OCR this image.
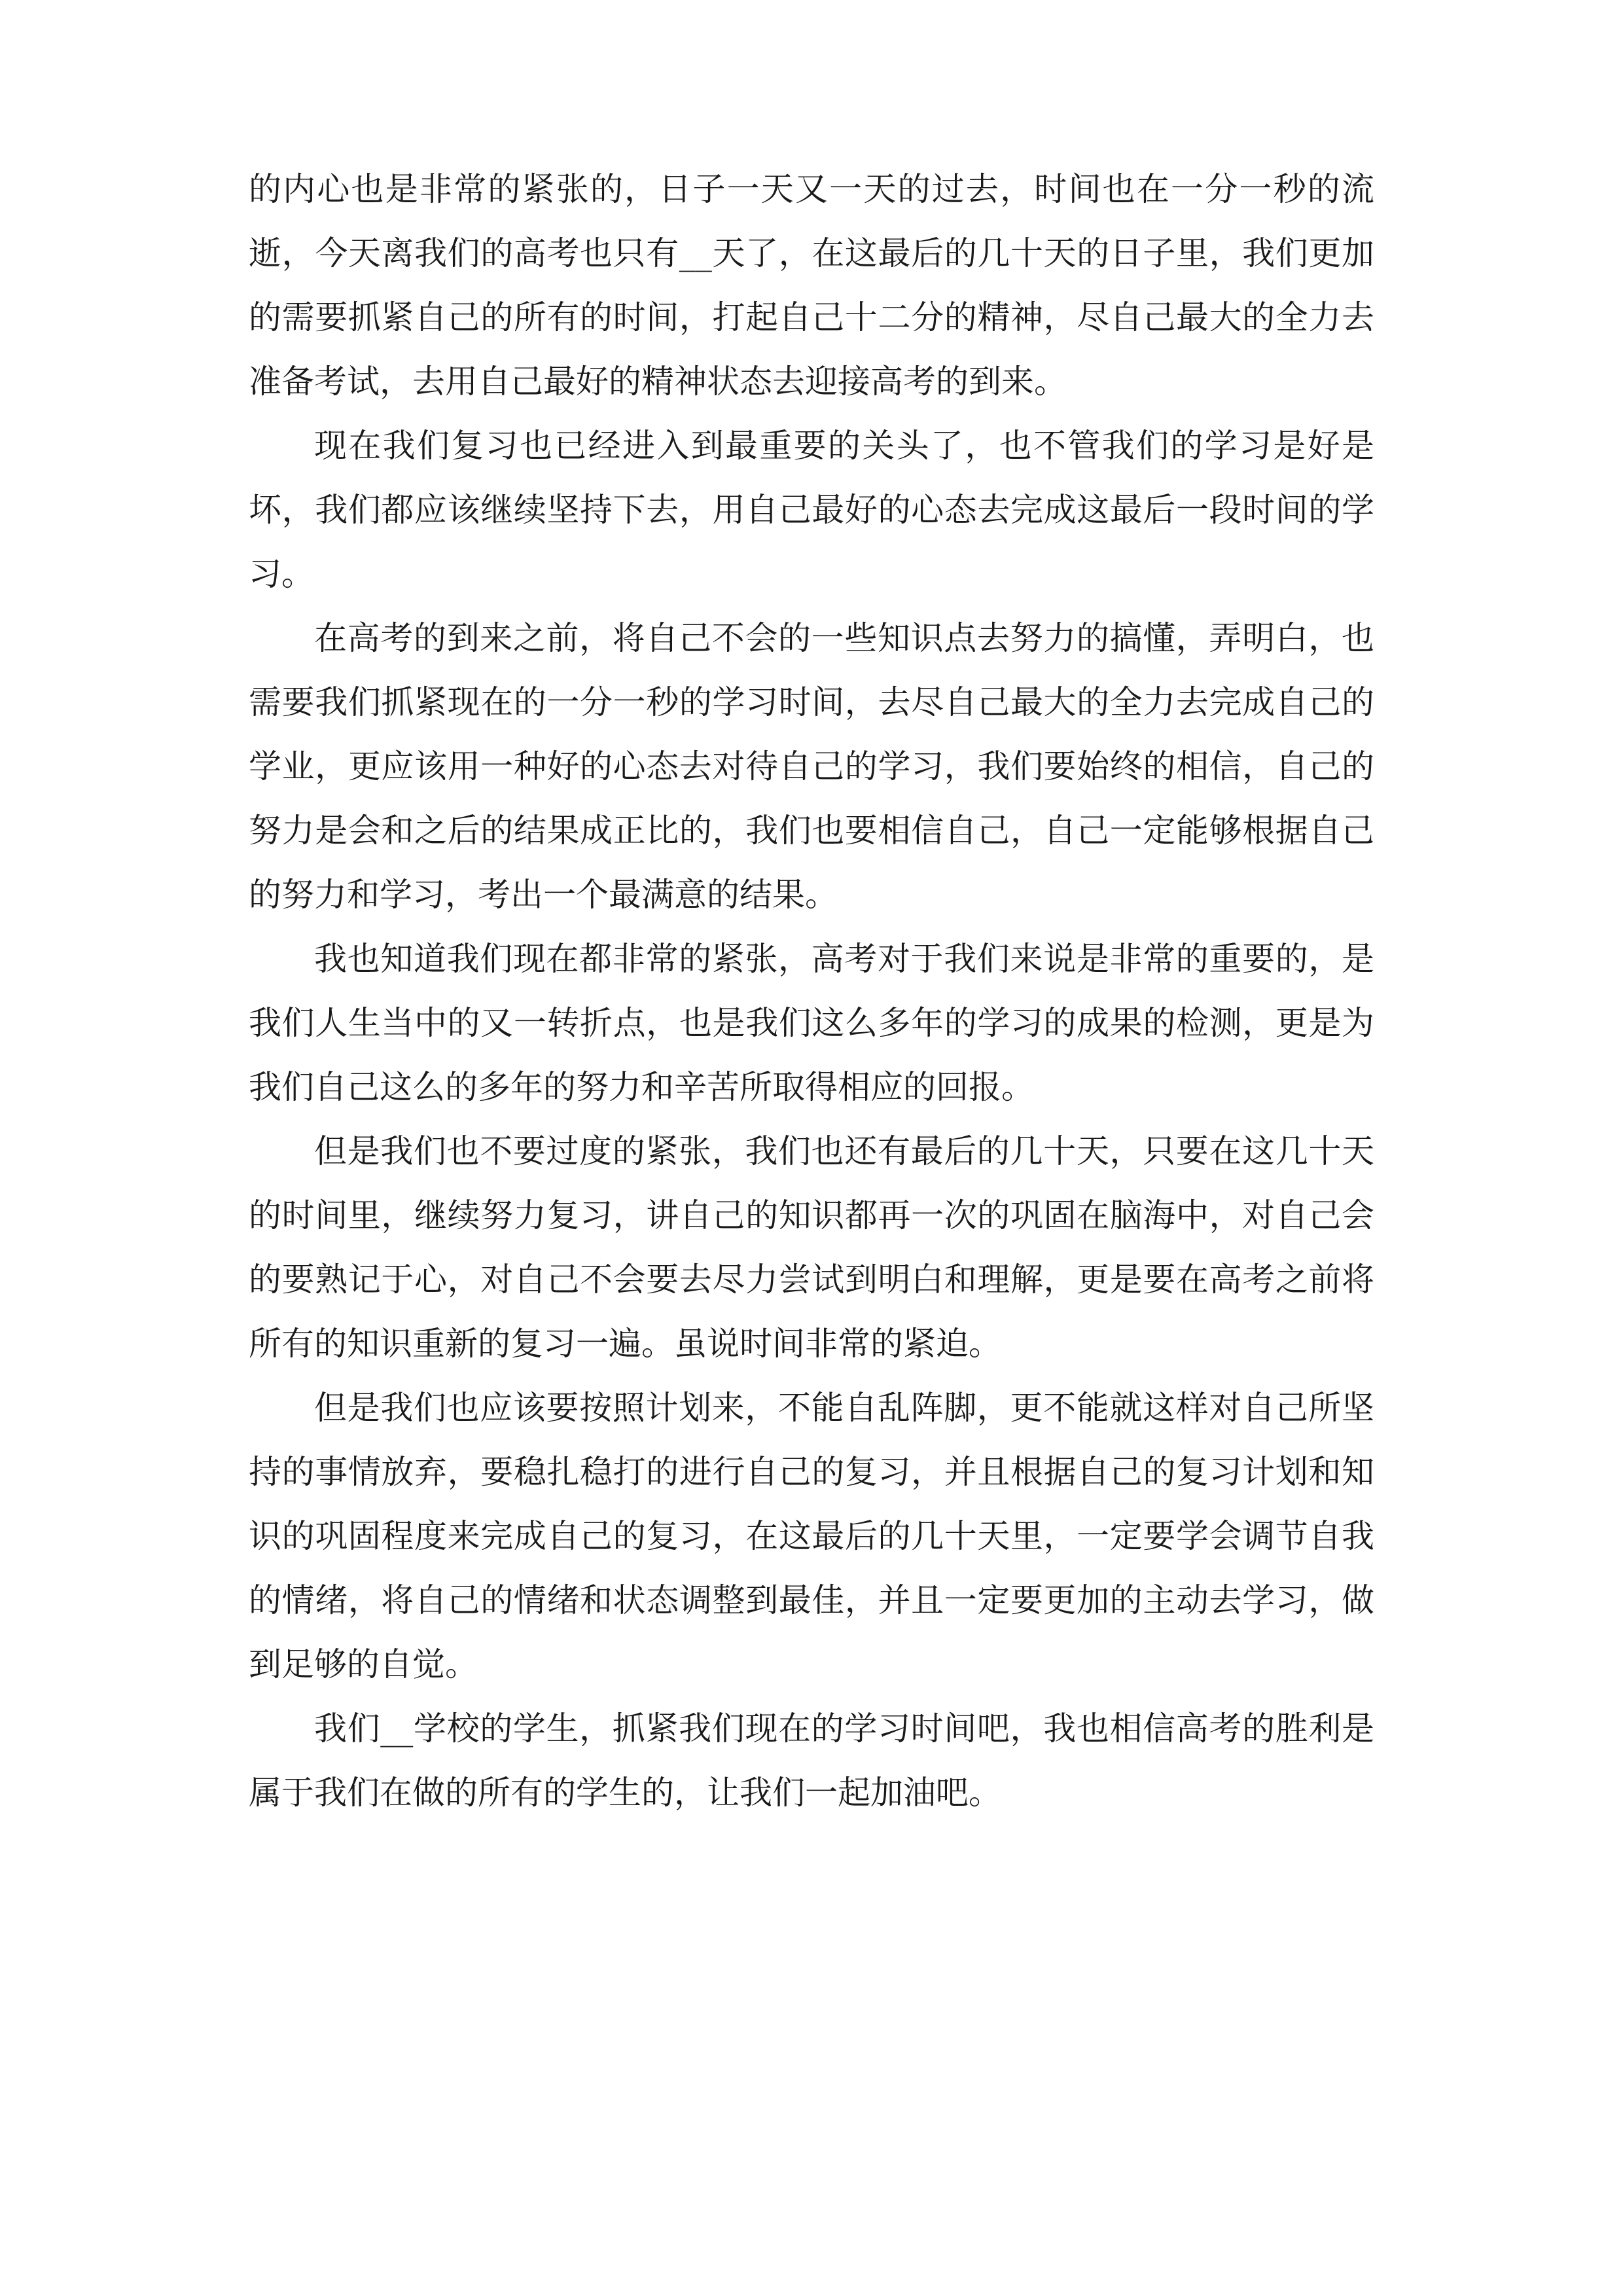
的内心也是非常的紧张的，日子一天又一天的过去，时间也在一分一秒的流逝，今天离我们的高考也只有__天了，在这最后的几十天的日子里，我们更加的需要抓紧自己的所有的时间，打起自己十二分的精神，尽自己最大的全力去准备考试，去用自己最好的精神状态去迎接高考的到来。

现在我们复习也已经进入到最重要的关头了，也不管我们的学习是好是坏，我们都应该继续坚持下去，用自己最好的心态去完成这最后一段时间的学习。

在高考的到来之前，将自己不会的一些知识点去努力的搞懂，弄明白，也需要我们抓紧现在的一分一秒的学习时间，去尽自己最大的全力去完成自己的学业，更应该用一种好的心态去对待自己的学习，我们要始终的相信，自己的努力是会和之后的结果成正比的，我们也要相信自己，自己一定能够根据自己的努力和学习，考出一个最满意的结果。

我也知道我们现在都非常的紧张，高考对于我们来说是非常的重要的，是我们人生当中的又一转折点，也是我们这么多年的学习的成果的检测，更是为我们自己这么的多年的努力和辛苦所取得相应的回报。

但是我们也不要过度的紧张，我们也还有最后的几十天，只要在这几十天的时间里，继续努力复习，讲自己的知识都再一次的巩固在脑海中，对自己会的要熟记于心，对自己不会要去尽力尝试到明白和理解，更是要在高考之前将所有的知识重新的复习一遍。虽说时间非常的紧迫。

但是我们也应该要按照计划来，不能自乱阵脚，更不能就这样对自己所坚持的事情放弃，要稳扎稳打的进行自己的复习，并且根据自己的复习计划和知识的巩固程度来完成自己的复习，在这最后的几十天里，一定要学会调节自我的情绪，将自己的情绪和状态调整到最佳，并且一定要更加的主动去学习，做到足够的自觉。

我们__学校的学生，抓紧我们现在的学习时间吧，我也相信高考的胜利是属于我们在做的所有的学生的，让我们一起加油吧。
